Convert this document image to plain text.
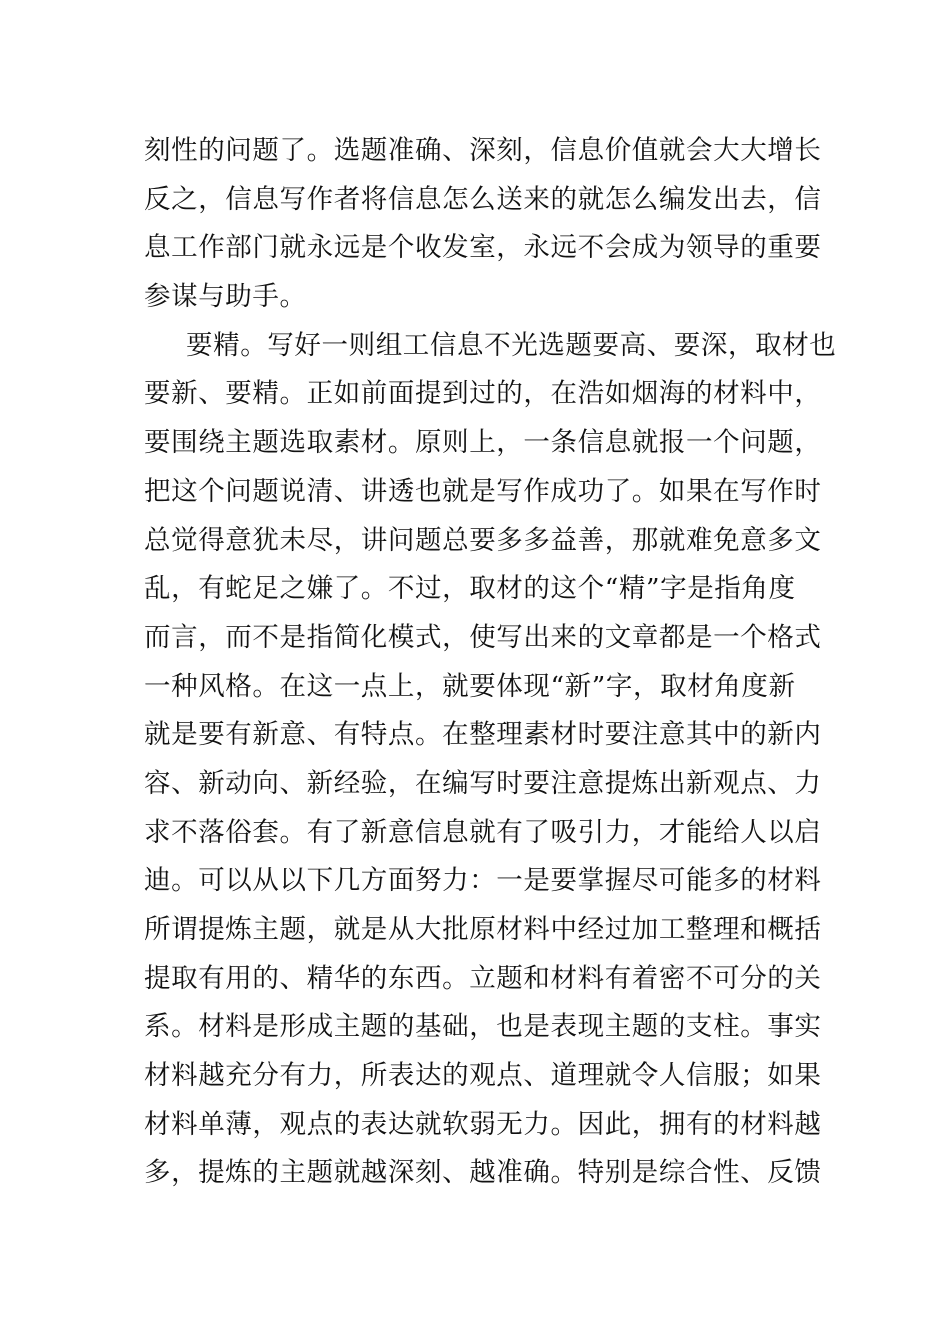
刻性的问题了。选题准确、深刻，信息价值就会大大增长
反之，信息写作者将信息怎么送来的就怎么编发出去，信
息工作部门就永远是个收发室，永远不会成为领导的重要
参谋与助手。
要精。写好一则组工信息不光选题要高、要深，取材也
要新、要精。正如前面提到过的，在浩如烟海的材料中，
要围绕主题选取素材。原则上，一条信息就报一个问题，
把这个问题说清、讲透也就是写作成功了。如果在写作时
总觉得意犹未尽，讲问题总要多多益善，那就难免意多文
乱，有蛇足之嫌了。不过，取材的这个“精”字是指角度
而言，而不是指简化模式，使写出来的文章都是一个格式
一种风格。在这一点上，就要体现“新”字，取材角度新
就是要有新意、有特点。在整理素材时要注意其中的新内
容、新动向、新经验，在编写时要注意提炼出新观点、力
求不落俗套。有了新意信息就有了吸引力，才能给人以启
迪。可以从以下几方面努力：一是要掌握尽可能多的材料
所谓提炼主题，就是从大批原材料中经过加工整理和概括
提取有用的、精华的东西。立题和材料有着密不可分的关
系。材料是形成主题的基础，也是表现主题的支柱。事实
材料越充分有力，所表达的观点、道理就令人信服；如果
材料单薄，观点的表达就软弱无力。因此，拥有的材料越
多，提炼的主题就越深刻、越准确。特别是综合性、反馈
